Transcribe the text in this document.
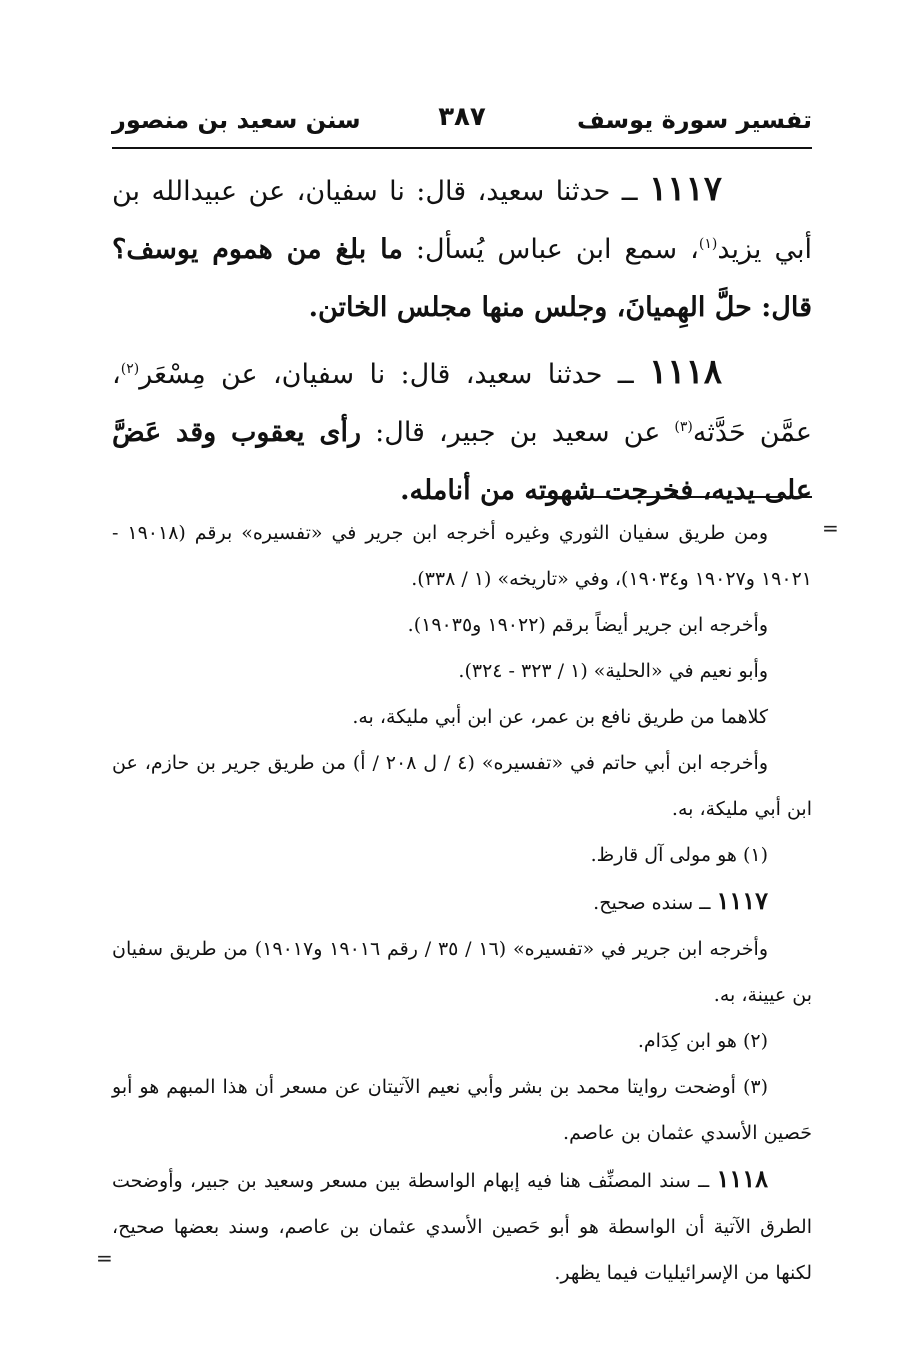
تفسير سورة يوسف
٣٨٧
سنن سعيد بن منصور

١١١٧ ــ حدثنا سعيد، قال: نا سفيان، عن عبيدالله بن أبي يزيد$^{(١)}$، سمع ابن عباس يُسأل: ما بلغ من هموم يوسف؟ قال: حلَّ الهِميانَ، وجلس منها مجلس الخاتن.

١١١٨ ــ حدثنا سعيد، قال: نا سفيان، عن مِسْعَر$^{(٢)}$، عمَّن حَدَّثه$^{(٣)}$ عن سعيد بن جبير، قال: رأى يعقوب وقد عَضَّ على يديه، فخرجت شهوته من أنامله.

ومن طريق سفيان الثوري وغيره أخرجه ابن جرير في «تفسيره» برقم (١٩٠١٨ - ١٩٠٢١ و١٩٠٢٧ و١٩٠٣٤)، وفي «تاريخه» (١ / ٣٣٨).

وأخرجه ابن جرير أيضاً برقم (١٩٠٢٢ و١٩٠٣٥).

وأبو نعيم في «الحلية» (١ / ٣٢٣ - ٣٢٤).

كلاهما من طريق نافع بن عمر، عن ابن أبي مليكة، به.

وأخرجه ابن أبي حاتم في «تفسيره» (٤ / ل ٢٠٨ / أ) من طريق جرير بن حازم، عن ابن أبي مليكة، به.

(١) هو مولى آل قارظ.

١١١٧ ــ سنده صحيح.

وأخرجه ابن جرير في «تفسيره» (١٦ / ٣٥ / رقم ١٩٠١٦ و١٩٠١٧) من طريق سفيان بن عيينة، به.

(٢) هو ابن كِدَام.

(٣) أوضحت روايتا محمد بن بشر وأبي نعيم الآتيتان عن مسعر أن هذا المبهم هو أبو حَصين الأسدي عثمان بن عاصم.

١١١٨ ــ سند المصنِّف هنا فيه إبهام الواسطة بين مسعر وسعيد بن جبير، وأوضحت الطرق الآتية أن الواسطة هو أبو حَصين الأسدي عثمان بن عاصم، وسند بعضها صحيح، لكنها من الإسرائيليات فيما يظهر.

=
=
